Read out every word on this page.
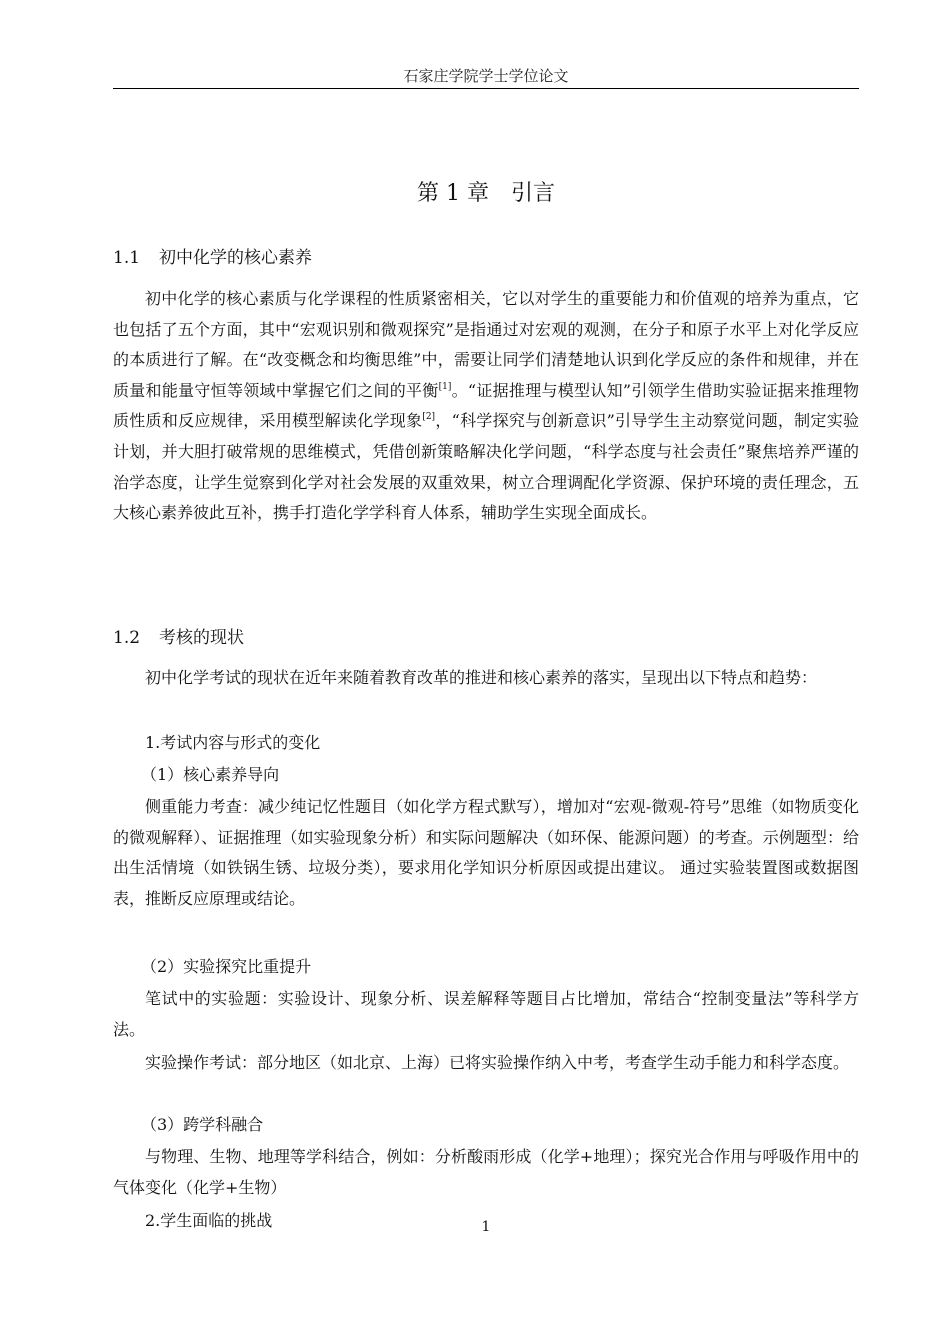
石家庄学院学士学位论文
第 1 章　引言
1.1 初中化学的核心素养

初中化学的核心素质与化学课程的性质紧密相关，它以对学生的重要能力和价值观的培养为重点，它也包括了五个方面，其中“宏观识别和微观探究”是指通过对宏观的观测，在分子和原子水平上对化学反应的本质进行了解。在“改变概念和均衡思维”中，需要让同学们清楚地认识到化学反应的条件和规律，并在质量和能量守恒等领域中掌握它们之间的平衡[1]。“证据推理与模型认知”引领学生借助实验证据来推理物质性质和反应规律，采用模型解读化学现象[2]，“科学探究与创新意识”引导学生主动察觉问题，制定实验计划，并大胆打破常规的思维模式，凭借创新策略解决化学问题，“科学态度与社会责任”聚焦培养严谨的治学态度，让学生觉察到化学对社会发展的双重效果，树立合理调配化学资源、保护环境的责任理念，五大核心素养彼此互补，携手打造化学学科育人体系，辅助学生实现全面成长。

1.2 考核的现状

初中化学考试的现状在近年来随着教育改革的推进和核心素养的落实，呈现出以下特点和趋势：

1.考试内容与形式的变化
（1）核心素养导向

侧重能力考查：减少纯记忆性题目（如化学方程式默写），增加对“宏观-微观-符号”思维（如物质变化的微观解释）、证据推理（如实验现象分析）和实际问题解决（如环保、能源问题）的考查。示例题型：给出生活情境（如铁锅生锈、垃圾分类），要求用化学知识分析原因或提出建议。 通过实验装置图或数据图表，推断反应原理或结论。

（2）实验探究比重提升

笔试中的实验题：实验设计、现象分析、误差解释等题目占比增加，常结合“控制变量法”等科学方法。

实验操作考试：部分地区（如北京、上海）已将实验操作纳入中考，考查学生动手能力和科学态度。

（3）跨学科融合

与物理、生物、地理等学科结合，例如：分析酸雨形成（化学+地理）；探究光合作用与呼吸作用中的气体变化（化学+生物）

2.学生面临的挑战	1
